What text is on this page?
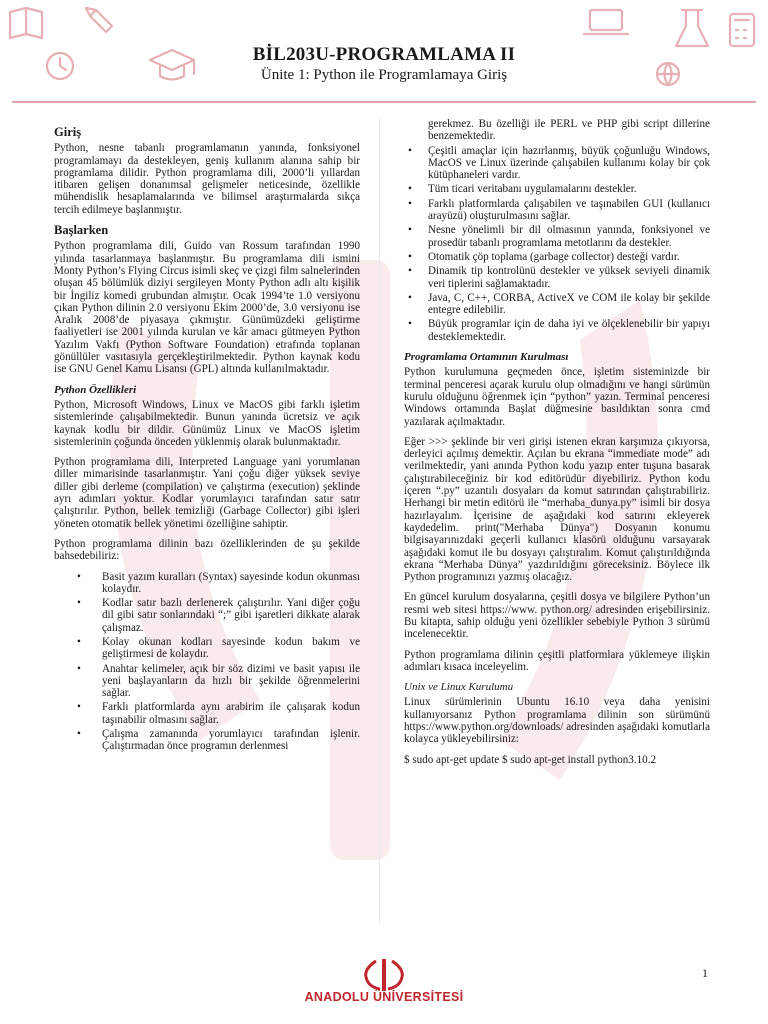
BİL203U-PROGRAMLAMA II
Ünite 1: Python ile Programlamaya Giriş
Giriş

Python, nesne tabanlı programlamanın yanında, fonksiyonel programlamayı da destekleyen, geniş kullanım alanına sahip bir programlama dilidir. Python programlama dili, 2000’li yıllardan itibaren gelişen donanımsal gelişmeler neticesinde, özellikle mühendislik hesaplamalarında ve bilimsel araştırmalarda sıkça tercih edilmeye başlanmıştır.

Başlarken

Python programlama dili, Guido van Rossum tarafından 1990 yılında tasarlanmaya başlanmıştır. Bu programlama dili ismini Monty Python’s Flying Circus isimli skeç ve çizgi film salnelerinden oluşan 45 bölümlük diziyi sergileyen Monty Python adlı altı kişilik bir İngiliz komedi grubundan almıştır. Ocak 1994’te 1.0 versiyonu çıkan Python dilinin 2.0 versiyonu Ekim 2000’de, 3.0 versiyonu ise Aralık 2008’de piyasaya çıkmıştır. Günümüzdeki geliştirme faaliyetleri ise 2001 yılında kurulan ve kâr amacı gütmeyen Python Yazılım Vakfı (Python Software Foundation) etrafında toplanan gönüllüler vasıtasıyla gerçekleştirilmektedir. Python kaynak kodu ise GNU Genel Kamu Lisansı (GPL) altında kullanılmaktadır.

Python Özellikleri

Python, Microsoft Windows, Linux ve MacOS gibi farklı işletim sistemlerinde çalışabilmektedir. Bunun yanında ücretsiz ve açık kaynak kodlu bir dildir. Günümüz Linux ve MacOS işletim sistemlerinin çoğunda önceden yüklenmiş olarak bulunmaktadır.

Python programlama dili, Interpreted Language yani yorumlanan diller mimarisinde tasarlanmıştır. Yani çoğu diğer yüksek seviye diller gibi derleme (compilation) ve çalıştırma (execution) şeklinde ayrı adımları yoktur. Kodlar yorumlayıcı tarafından satır satır çalıştırılır. Python, bellek temizliği (Garbage Collector) gibi işleri yöneten otomatik bellek yönetimi özelliğine sahiptir.

Python programlama dilinin bazı özelliklerinden de şu şekilde bahsedebiliriz:

• Basit yazım kuralları (Syntax) sayesinde kodun okunması kolaydır.
• Kodlar satır bazlı derlenerek çalıştırılır. Yani diğer çoğu dil gibi satır sonlarındaki “;” gibi işaretleri dikkate alarak çalışmaz.
• Kolay okunan kodları sayesinde kodun bakım ve geliştirmesi de kolaydır.
• Anahtar kelimeler, açık bir söz dizimi ve basit yapısı ile yeni başlayanların da hızlı bir şekilde öğrenmelerini sağlar.
• Farklı platformlarda aynı arabirim ile çalışarak kodun taşınabilir olmasını sağlar.
• Çalışma zamanında yorumlayıcı tarafından işlenir. Çalıştırmadan önce programın derlenmesi

gerekmez. Bu özelliği ile PERL ve PHP gibi script dillerine benzemektedir.

• Çeşitli amaçlar için hazırlanmış, büyük çoğunluğu Windows, MacOS ve Linux üzerinde çalışabilen kullanımı kolay bir çok kütüphaneleri vardır.
• Tüm ticari veritabanı uygulamalarını destekler.
• Farklı platformlarda çalışabilen ve taşınabilen GUI (kullanıcı arayüzü) oluşturulmasını sağlar.
• Nesne yönelimli bir dil olmasının yanında, fonksiyonel ve prosedür tabanlı programlama metotlarını da destekler.
• Otomatik çöp toplama (garbage collector) desteği vardır.
• Dinamik tip kontrolünü destekler ve yüksek seviyeli dinamik veri tiplerini sağlamaktadır.
• Java, C, C++, CORBA, ActiveX ve COM ile kolay bir şekilde entegre edilebilir.
• Büyük programlar için de daha iyi ve ölçeklenebilir bir yapıyı desteklemektedir.
Programlama Ortamının Kurulması

Python kurulumuna geçmeden önce, işletim sisteminizde bir terminal penceresi açarak kurulu olup olmadığını ve hangi sürümün kurulu olduğunu öğrenmek için “python” yazın. Terminal penceresi Windows ortamında Başlat düğmesine basıldıktan sonra cmd yazılarak açılmaktadır.

Eğer >>> şeklinde bir veri girişi istenen ekran karşımıza çıkıyorsa, derleyici açılmış demektir. Açılan bu ekrana “immediate mode” adı verilmektedir, yani anında Python kodu yazıp enter tuşuna basarak çalıştırabileceğiniz bir kod editörüdür diyebiliriz. Python kodu içeren “.py” uzantılı dosyaları da komut satırından çalıştırabiliriz. Herhangi bir metin editörü ile “merhaba_dunya.py” isimli bir dosya hazırlayalım. İçerisine de aşağıdaki kod satırını ekleyerek kaydedelim. print("Merhaba Dünya") Dosyanın konumu bilgisayarınızdaki geçerli kullanıcı klasörü olduğunu varsayarak aşağıdaki komut ile bu dosyayı çalıştıralım. Komut çalıştırıldığında ekrana “Merhaba Dünya” yazdırıldığını göreceksiniz. Böylece ilk Python programınızı yazmış olacağız.

En güncel kurulum dosyalarına, çeşitli dosya ve bilgilere Python’un resmi web sitesi https://www. python.org/ adresinden erişebilirsiniz. Bu kitapta, sahip olduğu yeni özellikler sebebiyle Python 3 sürümü incelenecektir.

Python programlama dilinin çeşitli platformlara yüklemeye ilişkin adımları kısaca inceleyelim.

Unix ve Linux Kurulumu

Linux sürümlerinin Ubuntu 16.10 veya daha yenisini kullanıyorsanız Python programlama dilinin son sürümünü https://www.python.org/downloads/ adresinden aşağıdaki komutlarla kolayca yükleyebilirsiniz:

$ sudo apt-get update $ sudo apt-get install python3.10.2

1
ANADOLU ÜNİVERSİTESİ
